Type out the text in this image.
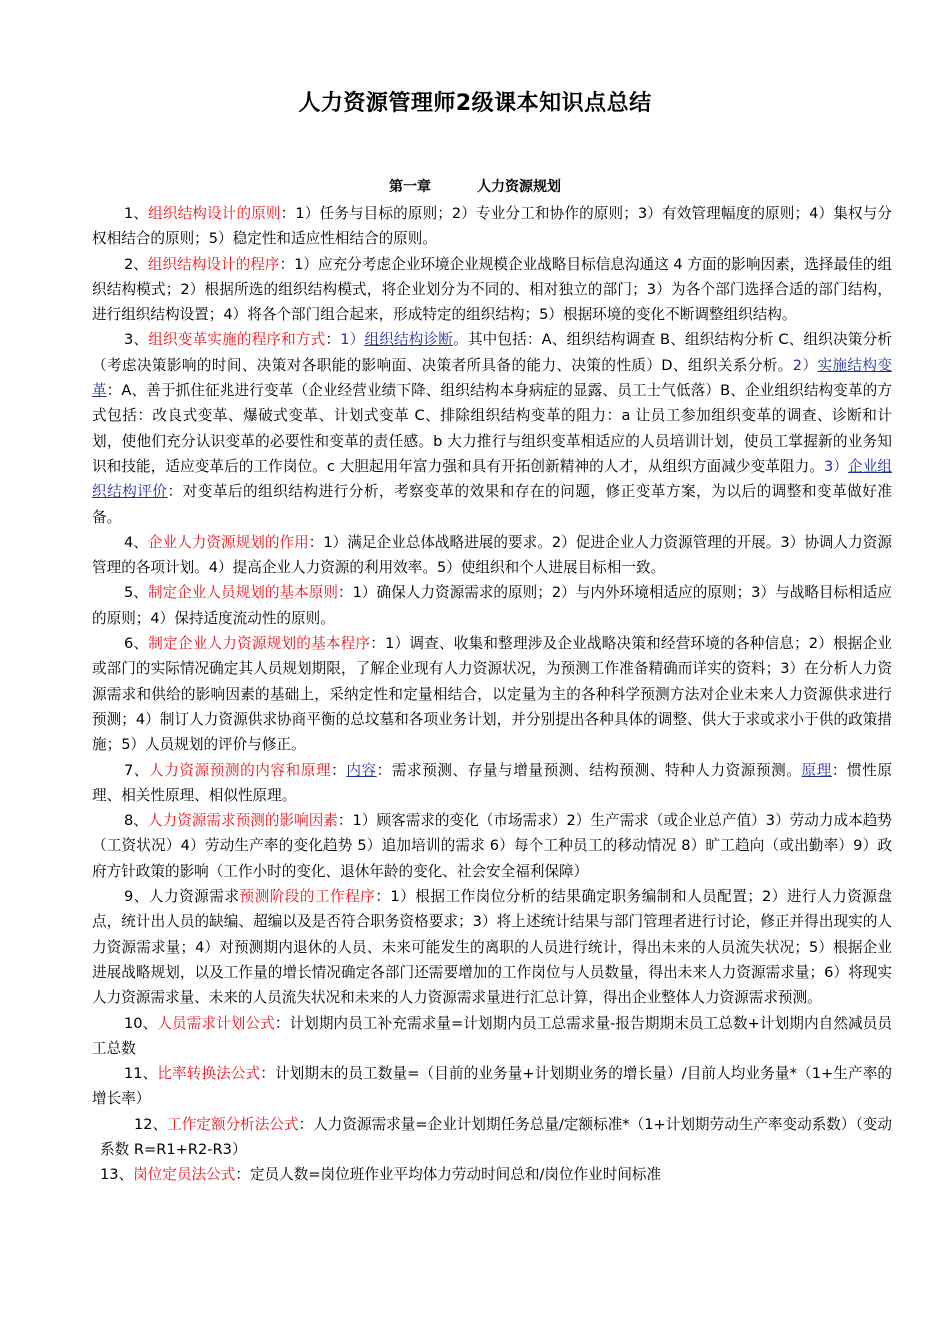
人力资源管理师2级课本知识点总结
第一章	人力资源规划

1、组织结构设计的原则：1）任务与目标的原则；2）专业分工和协作的原则；3）有效管理幅度的原则；4）集权与分权相结合的原则；5）稳定性和适应性相结合的原则。

2、组织结构设计的程序：1）应充分考虑企业环境企业规模企业战略目标信息沟通这 4 方面的影响因素，选择最佳的组织结构模式；2）根据所选的组织结构模式，将企业划分为不同的、相对独立的部门；3）为各个部门选择合适的部门结构，进行组织结构设置；4）将各个部门组合起来，形成特定的组织结构；5）根据环境的变化不断调整组织结构。

3、组织变革实施的程序和方式：1）组织结构诊断。其中包括：A、组织结构调查 B、组织结构分析 C、组织决策分析（考虑决策影响的时间、决策对各职能的影响面、决策者所具备的能力、决策的性质）D、组织关系分析。2）实施结构变革：A、善于抓住征兆进行变革（企业经营业绩下降、组织结构本身病症的显露、员工士气低落）B、企业组织结构变革的方式包括：改良式变革、爆破式变革、计划式变革 C、排除组织结构变革的阻力：a 让员工参加组织变革的调查、诊断和计划，使他们充分认识变革的必要性和变革的责任感。b 大力推行与组织变革相适应的人员培训计划，使员工掌握新的业务知识和技能，适应变革后的工作岗位。c 大胆起用年富力强和具有开拓创新精神的人才，从组织方面减少变革阻力。3）企业组织结构评价：对变革后的组织结构进行分析，考察变革的效果和存在的问题，修正变革方案，为以后的调整和变革做好准备。

4、企业人力资源规划的作用：1）满足企业总体战略进展的要求。2）促进企业人力资源管理的开展。3）协调人力资源管理的各项计划。4）提高企业人力资源的利用效率。5）使组织和个人进展目标相一致。

5、制定企业人员规划的基本原则：1）确保人力资源需求的原则；2）与内外环境相适应的原则；3）与战略目标相适应的原则；4）保持适度流动性的原则。

6、制定企业人力资源规划的基本程序：1）调查、收集和整理涉及企业战略决策和经营环境的各种信息；2）根据企业或部门的实际情况确定其人员规划期限，了解企业现有人力资源状况，为预测工作准备精确而详实的资料；3）在分析人力资源需求和供给的影响因素的基础上，采纳定性和定量相结合，以定量为主的各种科学预测方法对企业未来人力资源供求进行预测；4）制订人力资源供求协商平衡的总坟墓和各项业务计划，并分别提出各种具体的调整、供大于求或求小于供的政策措施；5）人员规划的评价与修正。

7、人力资源预测的内容和原理：内容：需求预测、存量与增量预测、结构预测、特种人力资源预测。原理：惯性原理、相关性原理、相似性原理。

8、人力资源需求预测的影响因素：1）顾客需求的变化（市场需求）2）生产需求（或企业总产值）3）劳动力成本趋势（工资状况）4）劳动生产率的变化趋势 5）追加培训的需求 6）每个工种员工的移动情况 8）旷工趋向（或出勤率）9）政府方针政策的影响（工作小时的变化、退休年龄的变化、社会安全福利保障）

9、人力资源需求预测阶段的工作程序：1）根据工作岗位分析的结果确定职务编制和人员配置；2）进行人力资源盘点，统计出人员的缺编、超编以及是否符合职务资格要求；3）将上述统计结果与部门管理者进行讨论，修正并得出现实的人力资源需求量；4）对预测期内退休的人员、未来可能发生的离职的人员进行统计，得出未来的人员流失状况；5）根据企业进展战略规划，以及工作量的增长情况确定各部门还需要增加的工作岗位与人员数量，得出未来人力资源需求量；6）将现实人力资源需求量、未来的人员流失状况和未来的人力资源需求量进行汇总计算，得出企业整体人力资源需求预测。

10、人员需求计划公式：计划期内员工补充需求量=计划期内员工总需求量-报告期期末员工总数+计划期内自然减员员工总数

11、比率转换法公式：计划期末的员工数量=（目前的业务量+计划期业务的增长量）/目前人均业务量*（1+生产率的增长率）

12、工作定额分析法公式：人力资源需求量=企业计划期任务总量/定额标准*（1+计划期劳动生产率变动系数）（变动系数 R=R1+R2-R3）

13、岗位定员法公式：定员人数=岗位班作业平均体力劳动时间总和/岗位作业时间标准
